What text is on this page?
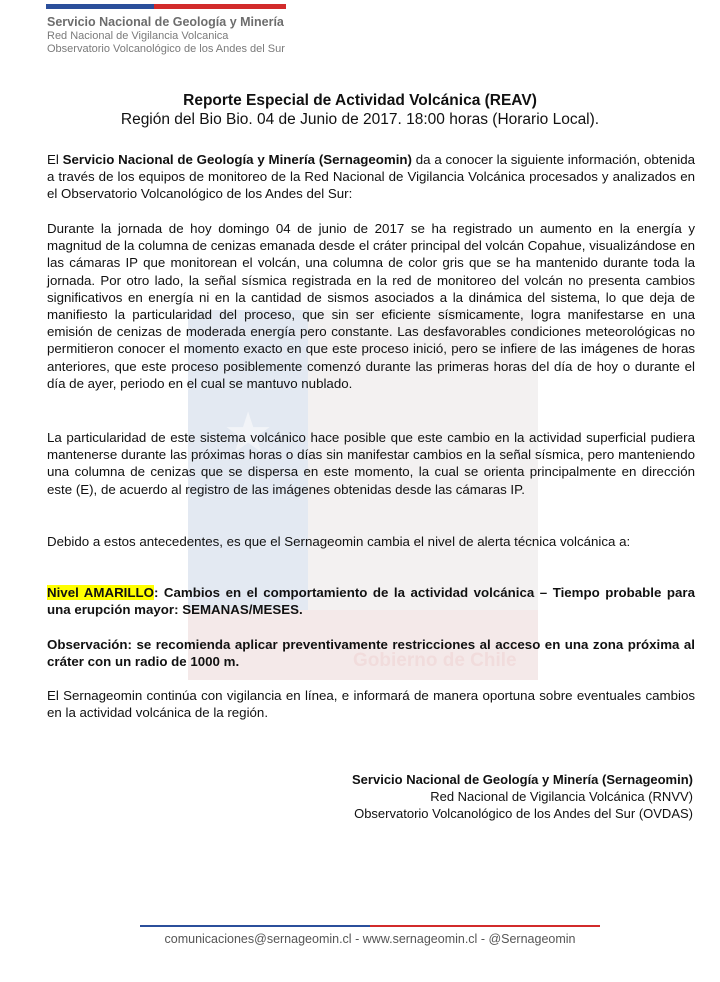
Servicio Nacional de Geología y Minería
Red Nacional de Vigilancia Volcanica
Observatorio Volcanológico de los Andes del Sur
★
Gobierno de Chile
Reporte Especial de Actividad Volcánica (REAV)
Región del Bio Bio. 04 de Junio de 2017. 18:00 horas (Horario Local).

El Servicio Nacional de Geología y Minería (Sernageomin) da a conocer la siguiente información, obtenida a través de los equipos de monitoreo de la Red Nacional de Vigilancia Volcánica procesados y analizados en el Observatorio Volcanológico de los Andes del Sur:

Durante la jornada de hoy domingo 04 de junio de 2017 se ha registrado un aumento en la energía y magnitud de la columna de cenizas emanada desde el cráter principal del volcán Copahue, visualizándose en las cámaras IP que monitorean el volcán, una columna de color gris que se ha mantenido durante toda la jornada. Por otro lado, la señal sísmica registrada en la red de monitoreo del volcán no presenta cambios significativos en energía ni en la cantidad de sismos asociados a la dinámica del sistema, lo que deja de manifiesto la particularidad del proceso, que sin ser eficiente sísmicamente, logra manifestarse en una emisión de cenizas de moderada energía pero constante. Las desfavorables condiciones meteorológicas no permitieron conocer el momento exacto en que este proceso inició, pero se infiere de las imágenes de horas anteriores, que este proceso posiblemente comenzó durante las primeras horas del día de hoy o durante el día de ayer, periodo en el cual se mantuvo nublado.

La particularidad de este sistema volcánico hace posible que este cambio en la actividad superficial pudiera mantenerse durante las próximas horas o días sin manifestar cambios en la señal sísmica, pero manteniendo una columna de cenizas que se dispersa en este momento, la cual se orienta principalmente en dirección este (E), de acuerdo al registro de las imágenes obtenidas desde las cámaras IP.

Debido a estos antecedentes, es que el Sernageomin cambia el nivel de alerta técnica volcánica a:

Nivel AMARILLO: Cambios en el comportamiento de la actividad volcánica – Tiempo probable para una erupción mayor: SEMANAS/MESES.

Observación: se recomienda aplicar preventivamente restricciones al acceso en una zona próxima al cráter con un radio de 1000 m.

El Sernageomin continúa con vigilancia en línea, e informará de manera oportuna sobre eventuales cambios en la actividad volcánica de la región.

Servicio Nacional de Geología y Minería (Sernageomin)
Red Nacional de Vigilancia Volcánica (RNVV)
Observatorio Volcanológico de los Andes del Sur (OVDAS)
comunicaciones@sernageomin.cl - www.sernageomin.cl - @Sernageomin
